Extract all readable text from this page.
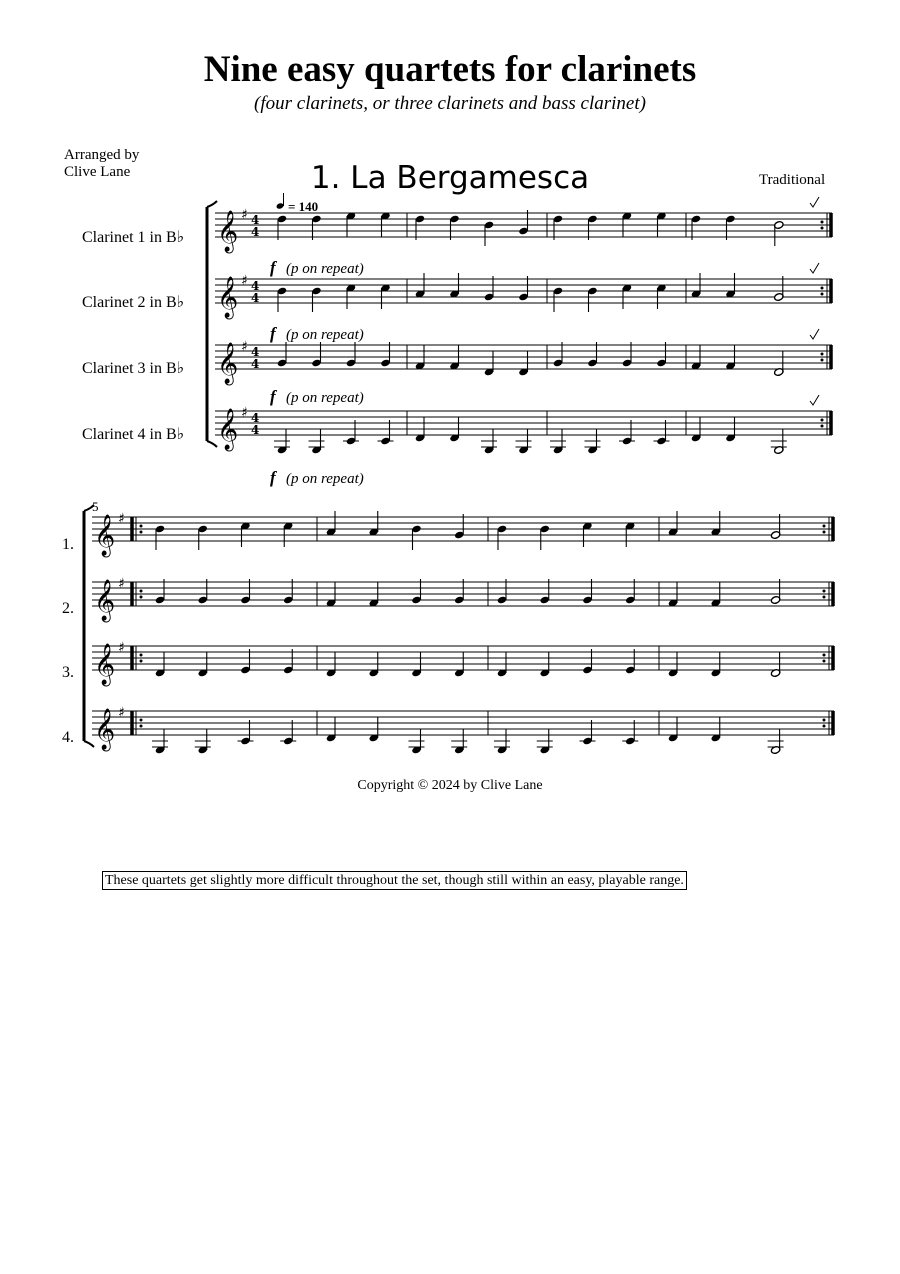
Nine easy quartets for clarinets
(four clarinets, or three clarinets and bass clarinet)
Arranged by
Clive Lane	1. La Bergamesca	Traditional
Clarinet 1 in B♭
Clarinet 2 in B♭
Clarinet 3 in B♭
Clarinet 4 in B♭
5
1.
2.
3.
4.
Copyright © 2024 by Clive Lane
These quartets get slightly more difficult throughout the set, though still within an easy, playable range.
𝄞 ♯ 4
4
𝄞 ♯ 4
4
𝄞 ♯ 4
4
𝄞 ♯ 4
4
= 140
f (p on repeat)
f (p on repeat)
f (p on repeat)
f (p on repeat)
𝄞 ♯
𝄞 ♯
𝄞 ♯
𝄞 ♯
